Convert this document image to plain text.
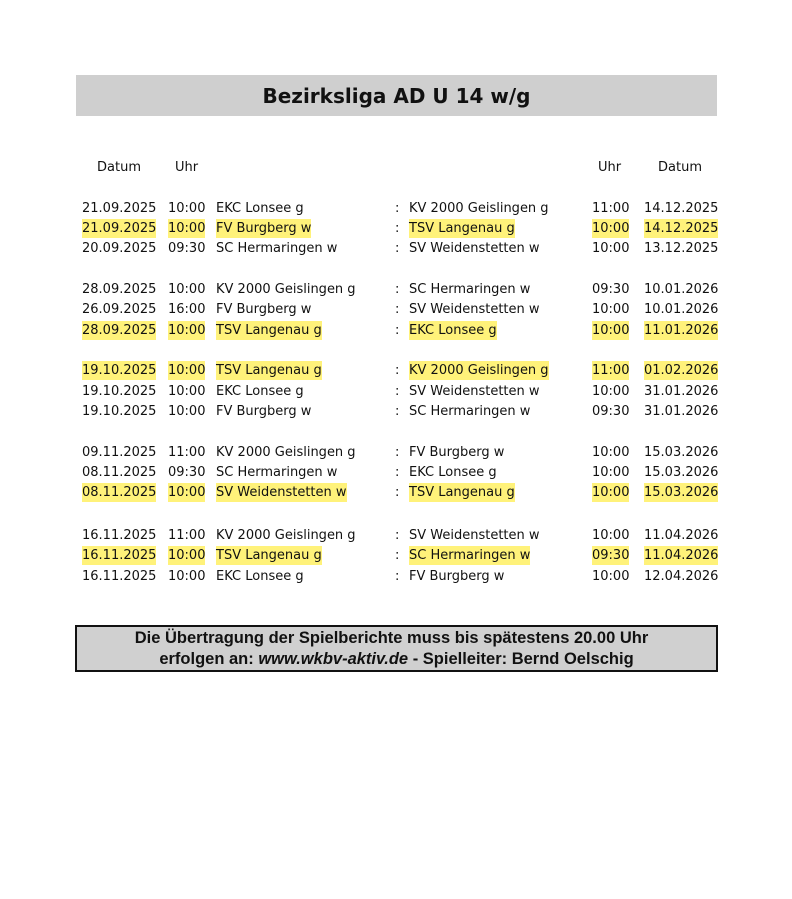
Bezirksliga AD U 14 w/g
Datum	Uhr	Uhr	Datum
21.09.2025 10:00 EKC Lonsee g	: KV 2000 Geislingen g	11:00 14.12.2025
21.09.2025 10:00 FV Burgberg w	: TSV Langenau g	10:00 14.12.2025
20.09.2025 09:30 SC Hermaringen w	: SV Weidenstetten w	10:00 13.12.2025
28.09.2025 10:00 KV 2000 Geislingen g	: SC Hermaringen w	09:30 10.01.2026
26.09.2025 16:00 FV Burgberg w	: SV Weidenstetten w	10:00 10.01.2026
28.09.2025 10:00 TSV Langenau g	: EKC Lonsee g	10:00 11.01.2026
19.10.2025 10:00 TSV Langenau g	: KV 2000 Geislingen g	11:00 01.02.2026
19.10.2025 10:00 EKC Lonsee g	: SV Weidenstetten w	10:00 31.01.2026
19.10.2025 10:00 FV Burgberg w	: SC Hermaringen w	09:30 31.01.2026
09.11.2025 11:00 KV 2000 Geislingen g	: FV Burgberg w	10:00 15.03.2026
08.11.2025 09:30 SC Hermaringen w	: EKC Lonsee g	10:00 15.03.2026
08.11.2025 10:00 SV Weidenstetten w	: TSV Langenau g	10:00 15.03.2026
16.11.2025 11:00 KV 2000 Geislingen g	: SV Weidenstetten w	10:00 11.04.2026
16.11.2025 10:00 TSV Langenau g	: SC Hermaringen w	09:30 11.04.2026
16.11.2025 10:00 EKC Lonsee g	: FV Burgberg w	10:00 12.04.2026
Die Übertragung der Spielberichte muss bis spätestens 20.00 Uhr
erfolgen an: www.wkbv-aktiv.de - Spielleiter: Bernd Oelschig
